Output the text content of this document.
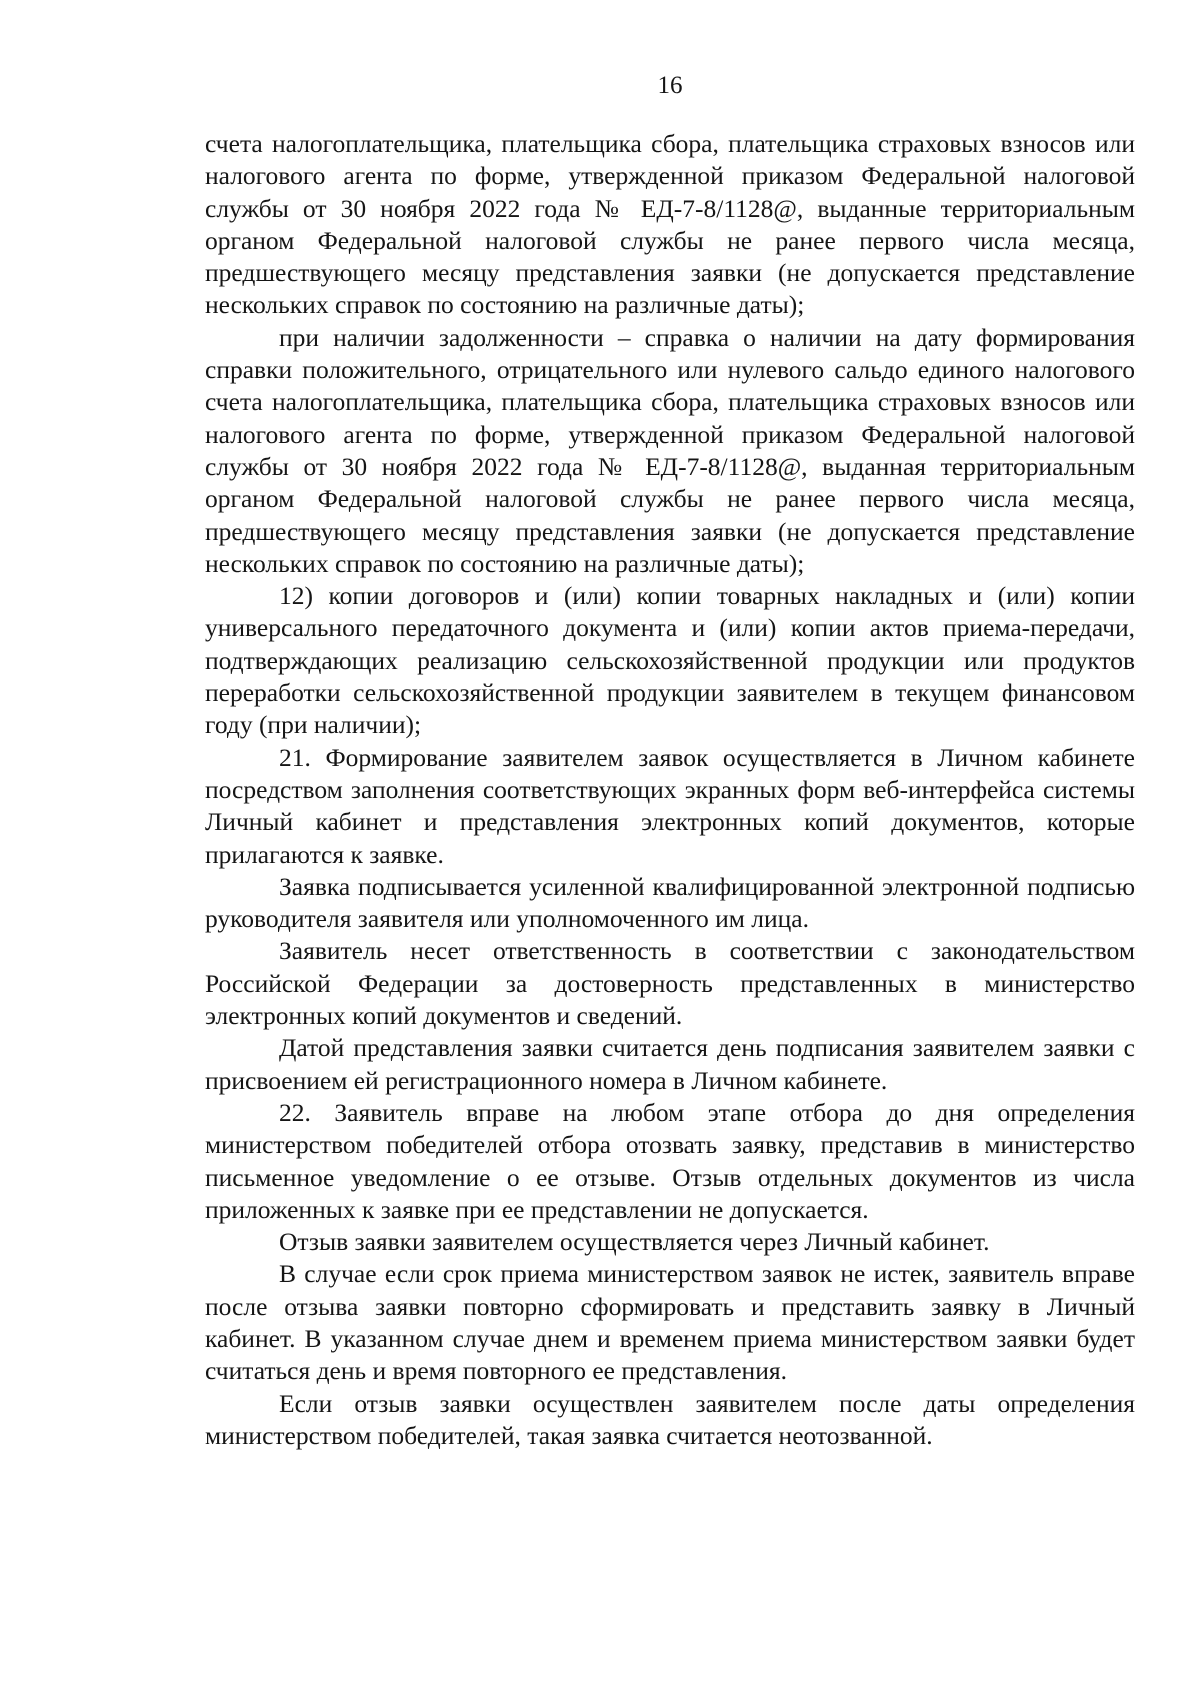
16

счета налогоплательщика, плательщика сбора, плательщика страховых взносов или налогового агента по форме, утвержденной приказом Федеральной налоговой службы от 30 ноября 2022 года № ЕД-7-8/1128@, выданные территориальным органом Федеральной налоговой службы не ранее первого числа месяца, предшествующего месяцу представления заявки (не допускается представление нескольких справок по состоянию на различные даты);

при наличии задолженности – справка о наличии на дату формирования справки положительного, отрицательного или нулевого сальдо единого налогового счета налогоплательщика, плательщика сбора, плательщика страховых взносов или налогового агента по форме, утвержденной приказом Федеральной налоговой службы от 30 ноября 2022 года № ЕД-7-8/1128@, выданная территориальным органом Федеральной налоговой службы не ранее первого числа месяца, предшествующего месяцу представления заявки (не допускается представление нескольких справок по состоянию на различные даты);

12) копии договоров и (или) копии товарных накладных и (или) копии универсального передаточного документа и (или) копии актов приема-передачи, подтверждающих реализацию сельскохозяйственной продукции или продуктов переработки сельскохозяйственной продукции заявителем в текущем финансовом году (при наличии);

21. Формирование заявителем заявок осуществляется в Личном кабинете посредством заполнения соответствующих экранных форм веб-интерфейса системы Личный кабинет и представления электронных копий документов, которые прилагаются к заявке.

Заявка подписывается усиленной квалифицированной электронной подписью руководителя заявителя или уполномоченного им лица.

Заявитель несет ответственность в соответствии с законодательством Российской Федерации за достоверность представленных в министерство электронных копий документов и сведений.

Датой представления заявки считается день подписания заявителем заявки с присвоением ей регистрационного номера в Личном кабинете.

22. Заявитель вправе на любом этапе отбора до дня определения министерством победителей отбора отозвать заявку, представив в министерство письменное уведомление о ее отзыве. Отзыв отдельных документов из числа приложенных к заявке при ее представлении не допускается.

Отзыв заявки заявителем осуществляется через Личный кабинет.

В случае если срок приема министерством заявок не истек, заявитель вправе после отзыва заявки повторно сформировать и представить заявку в Личный кабинет. В указанном случае днем и временем приема министерством заявки будет считаться день и время повторного ее представления.

Если отзыв заявки осуществлен заявителем после даты определения министерством победителей, такая заявка считается неотозванной.
